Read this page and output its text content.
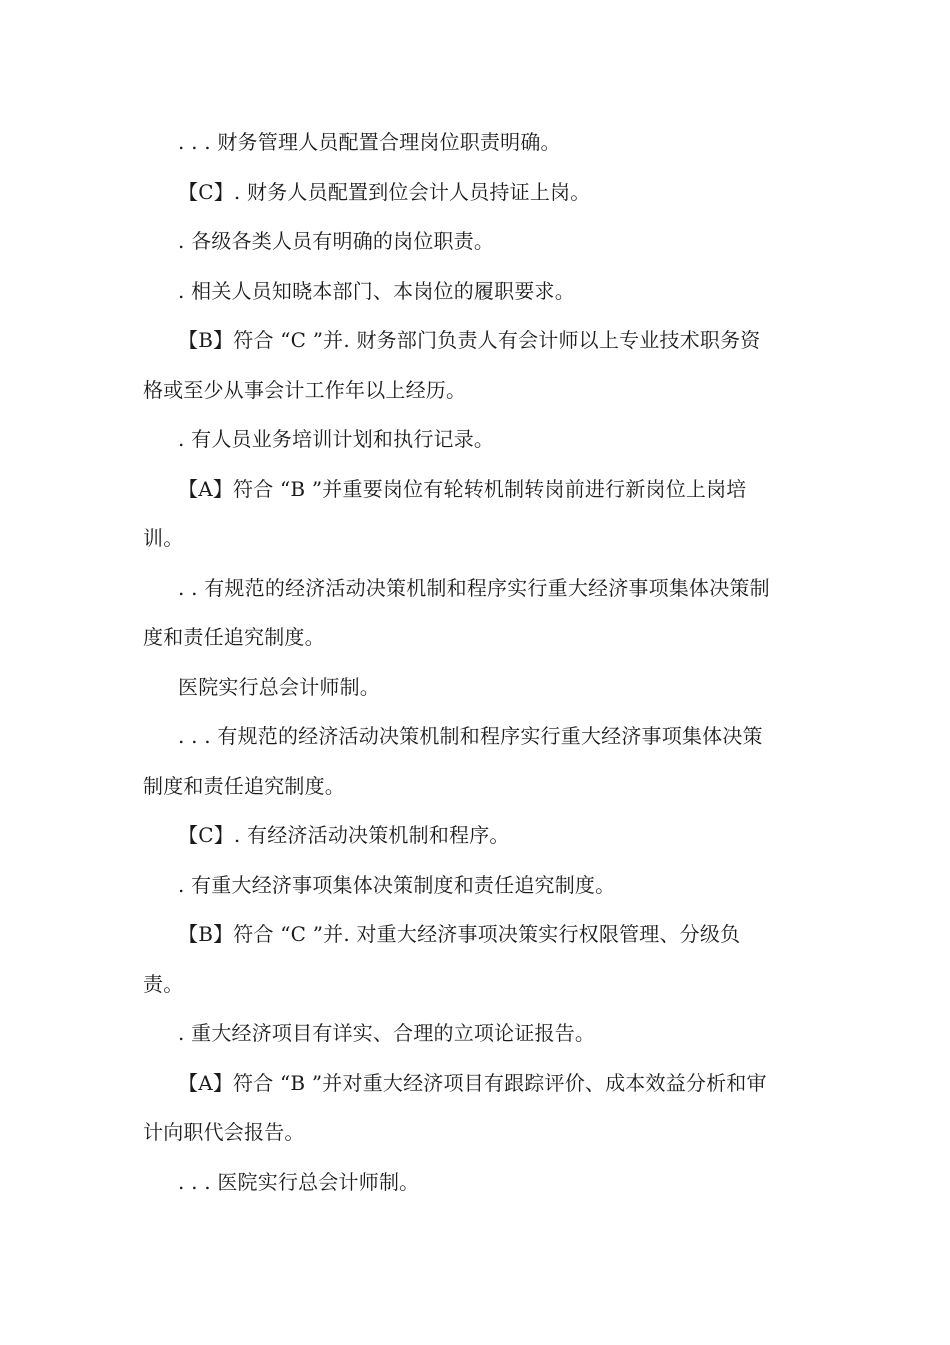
. . . 财务管理人员配置合理岗位职责明确。

【C】. 财务人员配置到位会计人员持证上岗。

. 各级各类人员有明确的岗位职责。

. 相关人员知晓本部门、本岗位的履职要求。

【B】符合 “C ”并. 财务部门负责人有会计师以上专业技术职务资格或至少从事会计工作年以上经历。

. 有人员业务培训计划和执行记录。

【A】符合 “B ”并重要岗位有轮转机制转岗前进行新岗位上岗培训。

. . 有规范的经济活动决策机制和程序实行重大经济事项集体决策制度和责任追究制度。

医院实行总会计师制。

. . . 有规范的经济活动决策机制和程序实行重大经济事项集体决策制度和责任追究制度。

【C】. 有经济活动决策机制和程序。

. 有重大经济事项集体决策制度和责任追究制度。

【B】符合 “C ”并. 对重大经济事项决策实行权限管理、分级负责。

. 重大经济项目有详实、合理的立项论证报告。

【A】符合 “B ”并对重大经济项目有跟踪评价、成本效益分析和审计向职代会报告。

. . . 医院实行总会计师制。
